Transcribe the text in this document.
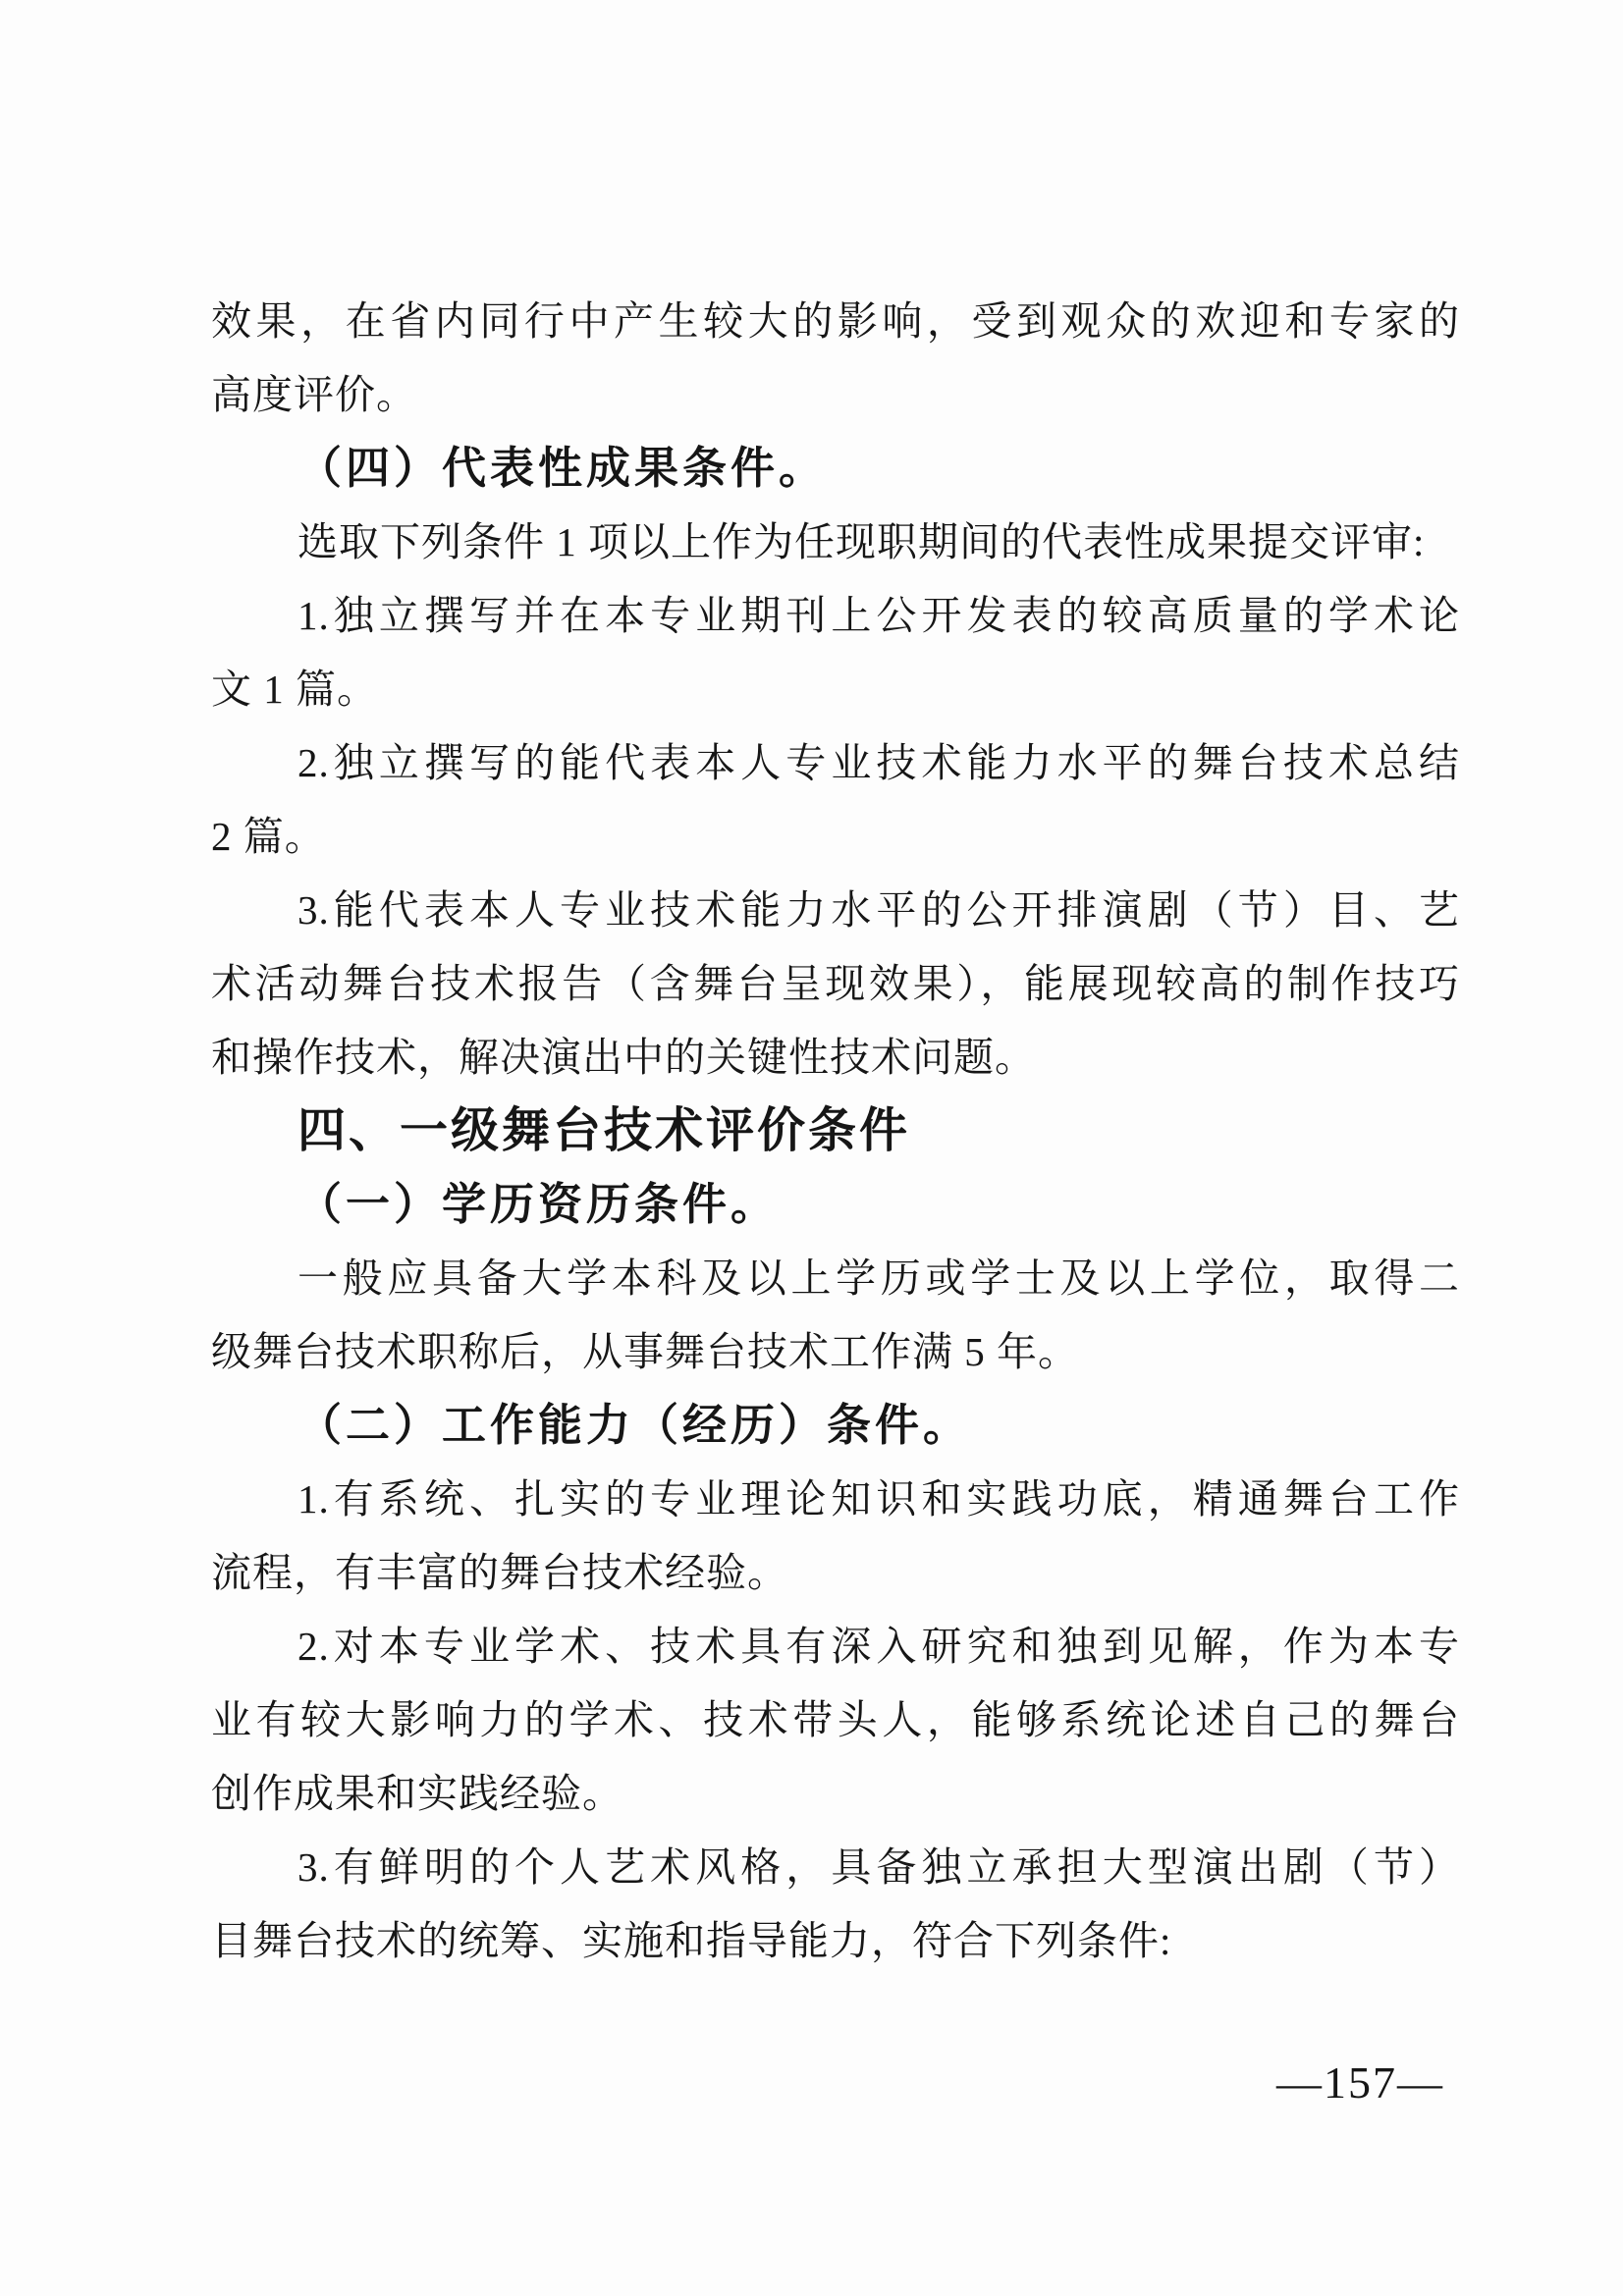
效果，在省内同行中产生较大的影响，受到观众的欢迎和专家的
高度评价。
（四）代表性成果条件。
选取下列条件 1 项以上作为任现职期间的代表性成果提交评审:
1.独立撰写并在本专业期刊上公开发表的较高质量的学术论
文 1 篇。
2.独立撰写的能代表本人专业技术能力水平的舞台技术总结
2 篇。
3.能代表本人专业技术能力水平的公开排演剧（节）目、艺
术活动舞台技术报告（含舞台呈现效果），能展现较高的制作技巧
和操作技术，解决演出中的关键性技术问题。
四、一级舞台技术评价条件
（一）学历资历条件。
一般应具备大学本科及以上学历或学士及以上学位，取得二
级舞台技术职称后，从事舞台技术工作满 5 年。
（二）工作能力（经历）条件。
1.有系统、扎实的专业理论知识和实践功底，精通舞台工作
流程，有丰富的舞台技术经验。
2.对本专业学术、技术具有深入研究和独到见解，作为本专
业有较大影响力的学术、技术带头人，能够系统论述自己的舞台
创作成果和实践经验。
3.有鲜明的个人艺术风格，具备独立承担大型演出剧（节）
目舞台技术的统筹、实施和指导能力，符合下列条件:
—157—
